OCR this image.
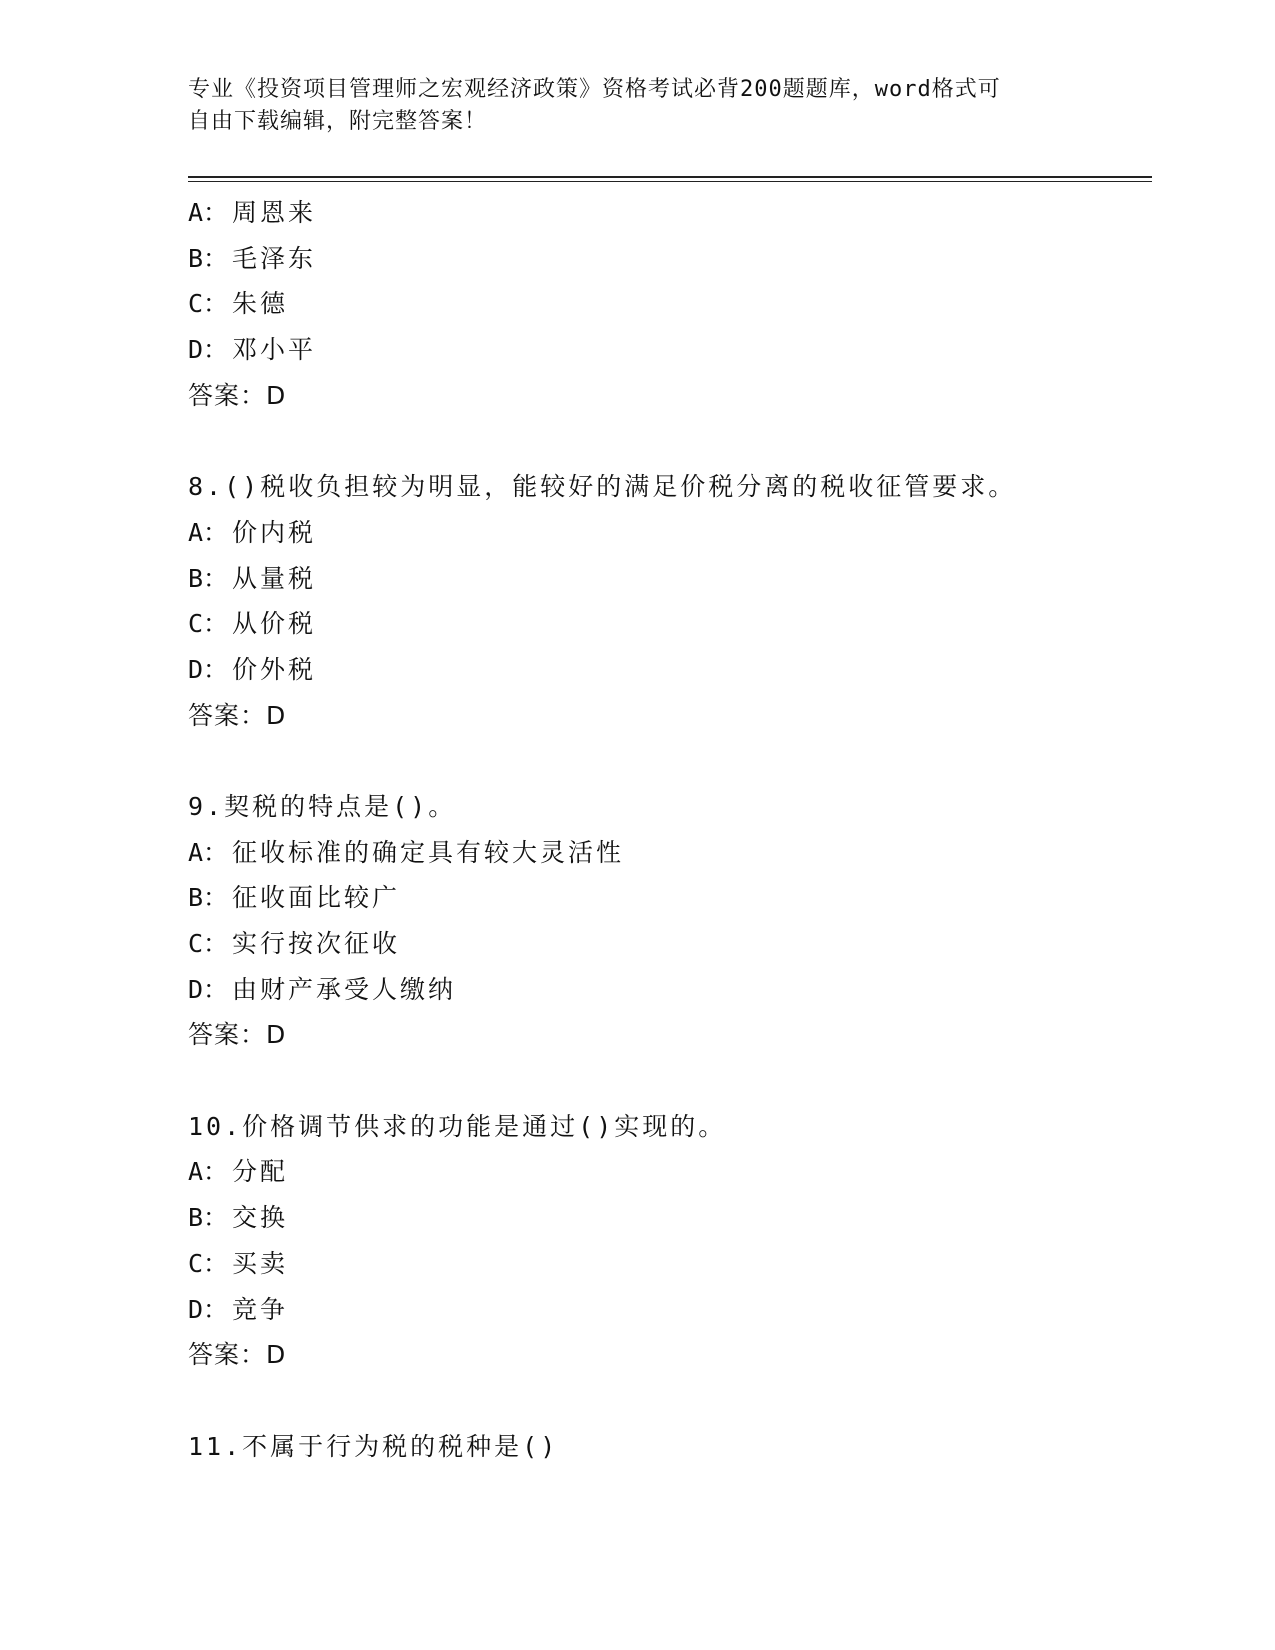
专业《投资项目管理师之宏观经济政策》资格考试必背200题题库，word格式可
自由下载编辑，附完整答案！
A： 周恩来
B： 毛泽东
C： 朱德
D： 邓小平
答案：D
8.()税收负担较为明显，能较好的满足价税分离的税收征管要求。
A： 价内税
B： 从量税
C： 从价税
D： 价外税
答案：D
9.契税的特点是()。
A： 征收标准的确定具有较大灵活性
B： 征收面比较广
C： 实行按次征收
D： 由财产承受人缴纳
答案：D
10.价格调节供求的功能是通过()实现的。
A： 分配
B： 交换
C： 买卖
D： 竞争
答案：D
11.不属于行为税的税种是()
